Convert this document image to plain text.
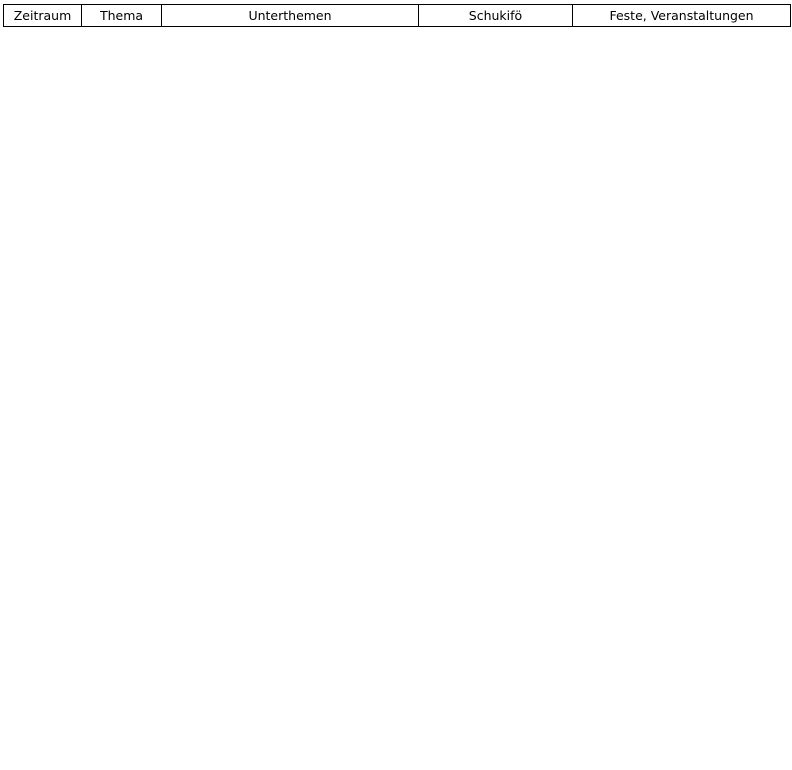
Zeitraum	Thema	Unterthemen	Schukifö	Feste, Veranstaltungen
